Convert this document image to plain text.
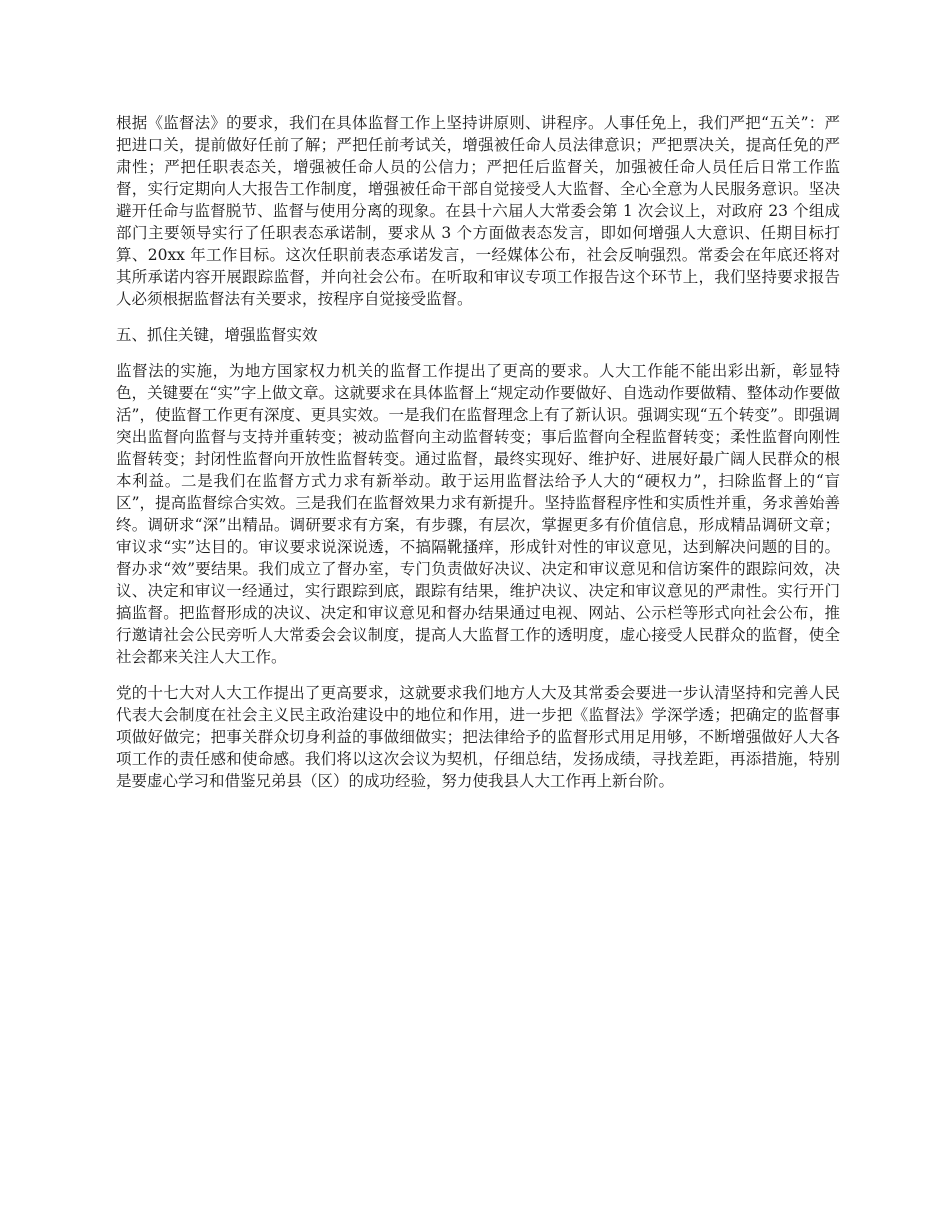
根据《监督法》的要求，我们在具体监督工作上坚持讲原则、讲程序。人事任免上，我们严把“五关”：严把进口关，提前做好任前了解；严把任前考试关，增强被任命人员法律意识；严把票决关，提高任免的严肃性；严把任职表态关，增强被任命人员的公信力；严把任后监督关，加强被任命人员任后日常工作监督，实行定期向人大报告工作制度，增强被任命干部自觉接受人大监督、全心全意为人民服务意识。坚决避开任命与监督脱节、监督与使用分离的现象。在县十六届人大常委会第 1 次会议上，对政府 23 个组成部门主要领导实行了任职表态承诺制，要求从 3 个方面做表态发言，即如何增强人大意识、任期目标打算、20xx 年工作目标。这次任职前表态承诺发言，一经媒体公布，社会反响强烈。常委会在年底还将对其所承诺内容开展跟踪监督，并向社会公布。在听取和审议专项工作报告这个环节上，我们坚持要求报告人必须根据监督法有关要求，按程序自觉接受监督。

五、抓住关键，增强监督实效

监督法的实施，为地方国家权力机关的监督工作提出了更高的要求。人大工作能不能出彩出新，彰显特色，关键要在“实”字上做文章。这就要求在具体监督上“规定动作要做好、自选动作要做精、整体动作要做活”，使监督工作更有深度、更具实效。一是我们在监督理念上有了新认识。强调实现“五个转变”。即强调突出监督向监督与支持并重转变；被动监督向主动监督转变；事后监督向全程监督转变；柔性监督向刚性监督转变；封闭性监督向开放性监督转变。通过监督，最终实现好、维护好、进展好最广阔人民群众的根本利益。二是我们在监督方式力求有新举动。敢于运用监督法给予人大的“硬权力”，扫除监督上的“盲区”，提高监督综合实效。三是我们在监督效果力求有新提升。坚持监督程序性和实质性并重，务求善始善终。调研求“深”出精品。调研要求有方案，有步骤，有层次，掌握更多有价值信息，形成精品调研文章；审议求“实”达目的。审议要求说深说透，不搞隔靴搔痒，形成针对性的审议意见，达到解决问题的目的。督办求“效”要结果。我们成立了督办室，专门负责做好决议、决定和审议意见和信访案件的跟踪问效，决议、决定和审议一经通过，实行跟踪到底，跟踪有结果，维护决议、决定和审议意见的严肃性。实行开门搞监督。把监督形成的决议、决定和审议意见和督办结果通过电视、网站、公示栏等形式向社会公布，推行邀请社会公民旁听人大常委会会议制度，提高人大监督工作的透明度，虚心接受人民群众的监督，使全社会都来关注人大工作。

党的十七大对人大工作提出了更高要求，这就要求我们地方人大及其常委会要进一步认清坚持和完善人民代表大会制度在社会主义民主政治建设中的地位和作用，进一步把《监督法》学深学透；把确定的监督事项做好做完；把事关群众切身利益的事做细做实；把法律给予的监督形式用足用够，不断增强做好人大各项工作的责任感和使命感。我们将以这次会议为契机，仔细总结，发扬成绩，寻找差距，再添措施，特别是要虚心学习和借鉴兄弟县（区）的成功经验，努力使我县人大工作再上新台阶。
